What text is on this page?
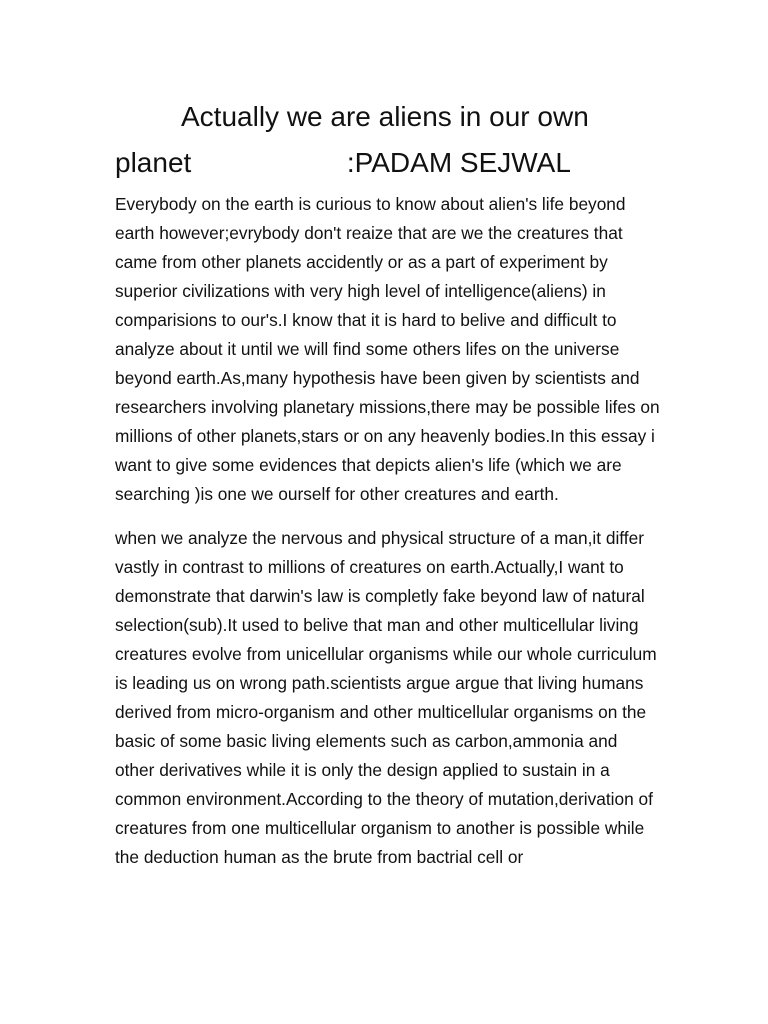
Actually we are aliens in our own
planet                    :PADAM SEJWAL

Everybody on the earth is curious to know about alien's life beyond earth however;evrybody don't reaize that are we the creatures that came from other planets accidently or as a part of experiment by superior civilizations with very high level of intelligence(aliens) in comparisions to our's.I know that it is hard to belive and difficult to analyze about it until we will find some others lifes on the universe beyond earth.As,many hypothesis have been given by scientists and researchers involving planetary missions,there may be possible lifes on millions of other planets,stars or on any heavenly bodies.In this essay i want to give some evidences that depicts alien's life (which we are searching )is one we ourself for other creatures and earth.

when we analyze the nervous and physical structure of a man,it differ vastly in contrast to millions of creatures on earth.Actually,I want to demonstrate that darwin's law is completly fake beyond law of natural selection(sub).It used to belive that man and other multicellular living creatures evolve from unicellular organisms while our whole curriculum is leading us on wrong path.scientists argue argue that living humans derived from micro-organism and other multicellular organisms on the basic of some basic living elements such as carbon,ammonia and other derivatives while it is only the design applied to sustain in a common environment.According to the theory of mutation,derivation of creatures from one multicellular organism to another is possible while the deduction human as the brute from bactrial cell or
